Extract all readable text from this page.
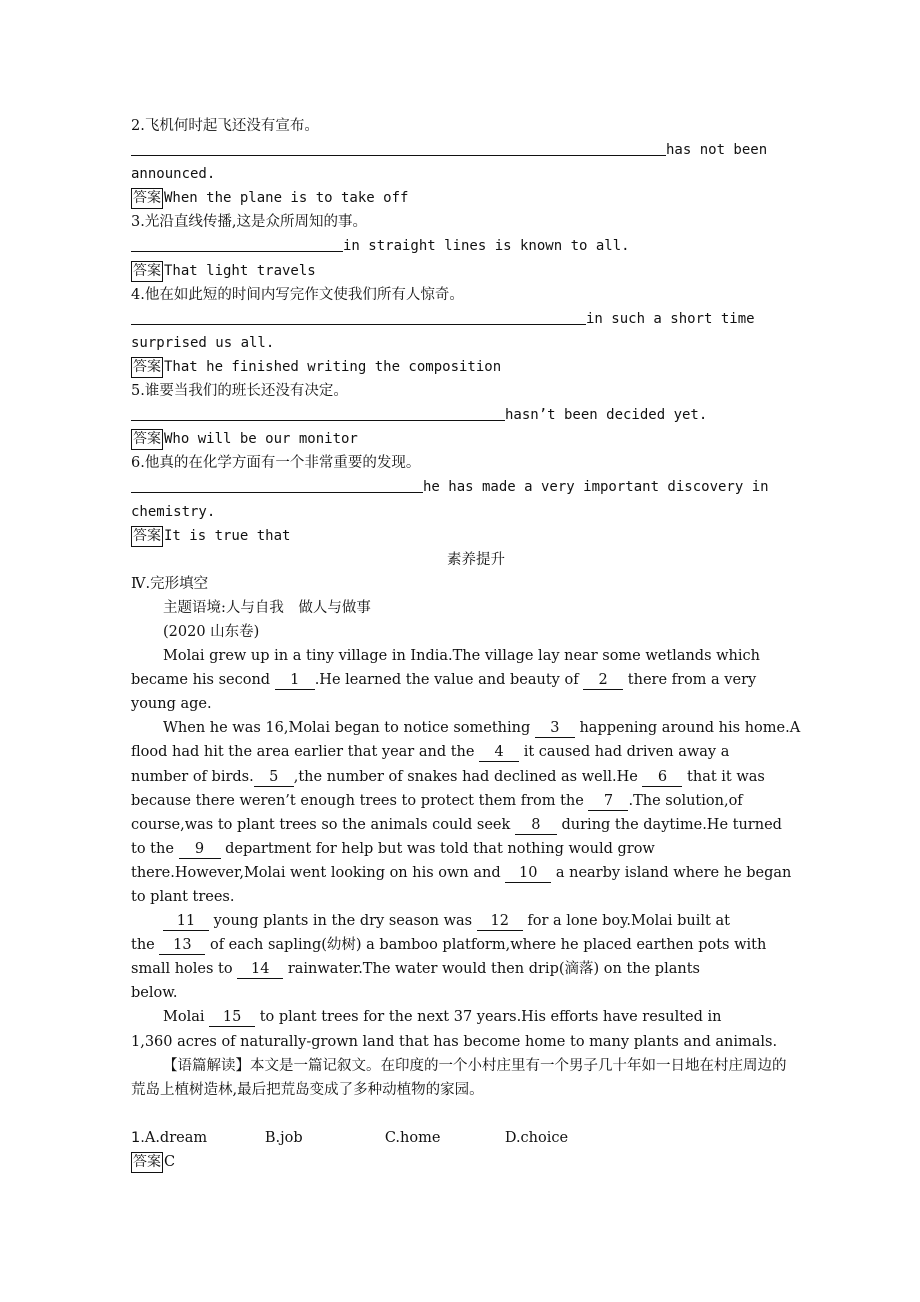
2.飞机何时起飞还没有宣布。
has not been
announced.
答案 When the plane is to take off
3.光沿直线传播,这是众所周知的事。
in straight lines is known to all.
答案 That light travels
4.他在如此短的时间内写完作文使我们所有人惊奇。
in such a short time
surprised us all.
答案 That he finished writing the composition
5.谁要当我们的班长还没有决定。
hasn’t been decided yet.
答案 Who will be our monitor
6.他真的在化学方面有一个非常重要的发现。
he has made a very important discovery in
chemistry.
答案 It is true that
素养提升
Ⅳ.完形填空
主题语境:人与自我　做人与做事
(2020 山东卷)
Molai grew up in a tiny village in India.The village lay near some wetlands which
became his second 1 .He learned the value and beauty of 2 there from a very
young age.
When he was 16,Molai began to notice something 3 happening around his home.A
flood had hit the area earlier that year and the 4 it caused had driven away a
number of birds. 5 ,the number of snakes had declined as well.He 6 that it was
because there weren’t enough trees to protect them from the 7 .The solution,of
course,was to plant trees so the animals could seek 8 during the daytime.He turned
to the 9 department for help but was told that nothing would grow
there.However,Molai went looking on his own and 10 a nearby island where he began
to plant trees.
11 young plants in the dry season was 12 for a lone boy.Molai built at
the 13 of each sapling(幼树) a bamboo platform,where he placed earthen pots with
small holes to 14 rainwater.The water would then drip(滴落) on the plants
below.
Molai 15 to plant trees for the next 37 years.His efforts have resulted in
1,360 acres of naturally-grown land that has become home to many plants and animals.
【语篇解读】本文是一篇记叙文。在印度的一个小村庄里有一个男子几十年如一日地在村庄周边的荒岛上植树造林,最后把荒岛变成了多种动植物的家园。
1.A.dream	B.job	C.home	D.choice
答案 C
